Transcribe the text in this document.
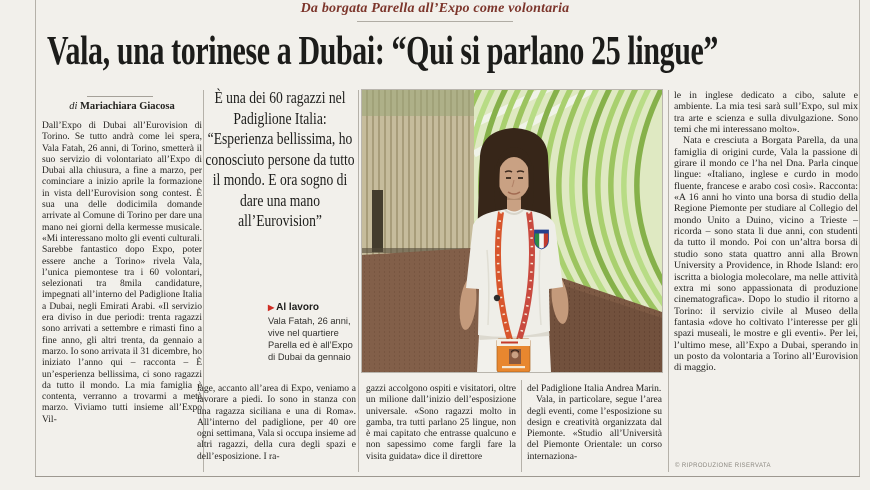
Da borgata Parella all’Expo come volontaria
Vala, una torinese a Dubai: “Qui si parlano 25 lingue”
di Mariachiara Giacosa

Dall’Expo di Dubai all’Eurovision di Torino. Se tutto andrà come lei spera, Vala Fatah, 26 anni, di Torino, smetterà il suo servizio di volontariato all’Expo di Dubai alla chiusura, a fine a marzo, per cominciare a inizio aprile la formazione in vista dell’Eurovision song contest. È sua una delle dodicimila domande arrivate al Comune di Torino per dare una mano nei giorni della kermesse musicale. «Mi interessano molto gli eventi culturali. Sarebbe fantastico dopo Expo, poter essere anche a Torino» rivela Vala, l’unica piemontese tra i 60 volontari, selezionati tra 8mila candidature, impegnati all’interno del Padiglione Italia a Dubai, negli Emirati Arabi. «Il servizio era diviso in due periodi: trenta ragazzi sono arrivati a settembre e rimasti fino a fine anno, gli altri trenta, da gennaio a marzo. Io sono arrivata il 31 dicembre, ho iniziato l’anno qui – racconta – È un’esperienza bellissima, ci sono ragazzi da tutto il mondo. La mia famiglia è contenta, verranno a trovarmi a metà marzo. Viviamo tutti insieme all’Expo Vil-

È una dei 60 ragazzi nel Padiglione Italia: “Esperienza bellissima, ho conosciuto persone da tutto il mondo. E ora sogno di dare una mano all’Eurovision”
▶ Al lavoro
Vala Fatah, 26 anni, vive nel quartiere Parella ed è all’Expo di Dubai da gennaio

lage, accanto all’area di Expo, veniamo a lavorare a piedi. Io sono in stanza con una ragazza siciliana e una di Roma». All’interno del padiglione, per 40 ore ogni settimana, Vala si occupa insieme ad altri ragazzi, della cura degli spazi e dell’esposizione. I ra-

gazzi accolgono ospiti e visitatori, oltre un milione dall’inizio dell’esposizione universale. «Sono ragazzi molto in gamba, tra tutti parlano 25 lingue, non è mai capitato che entrasse qualcuno e non sapessimo come fargli fare la visita guidata» dice il direttore

del Padiglione Italia Andrea Marin.

Vala, in particolare, segue l’area degli eventi, come l’esposizione su design e creatività organizzata dal Piemonte. «Studio all’Università del Piemonte Orientale: un corso internaziona-

le in inglese dedicato a cibo, salute e ambiente. La mia tesi sarà sull’Expo, sul mix tra arte e scienza e sulla divulgazione. Sono temi che mi interessano molto».

Nata e cresciuta a Borgata Parella, da una famiglia di origini curde, Vala la passione di girare il mondo ce l’ha nel Dna. Parla cinque lingue: «Italiano, inglese e curdo in modo fluente, francese e arabo così così». Racconta: «A 16 anni ho vinto una borsa di studio della Regione Piemonte per studiare al Collegio del mondo Unito a Duino, vicino a Trieste – ricorda – sono stata lì due anni, con studenti da tutto il mondo. Poi con un’altra borsa di studio sono stata quattro anni alla Brown University a Providence, in Rhode Island: ero iscritta a biologia molecolare, ma nelle attività extra mi sono appassionata di produzione cinematografica». Dopo lo studio il ritorno a Torino: il servizio civile al Museo della fantasia «dove ho coltivato l’interesse per gli spazi museali, le mostre e gli eventi». Per lei, l’ultimo mese, all’Expo a Dubai, sperando in un posto da volontaria a Torino all’Eurovision di maggio.

© RIPRODUZIONE RISERVATA
